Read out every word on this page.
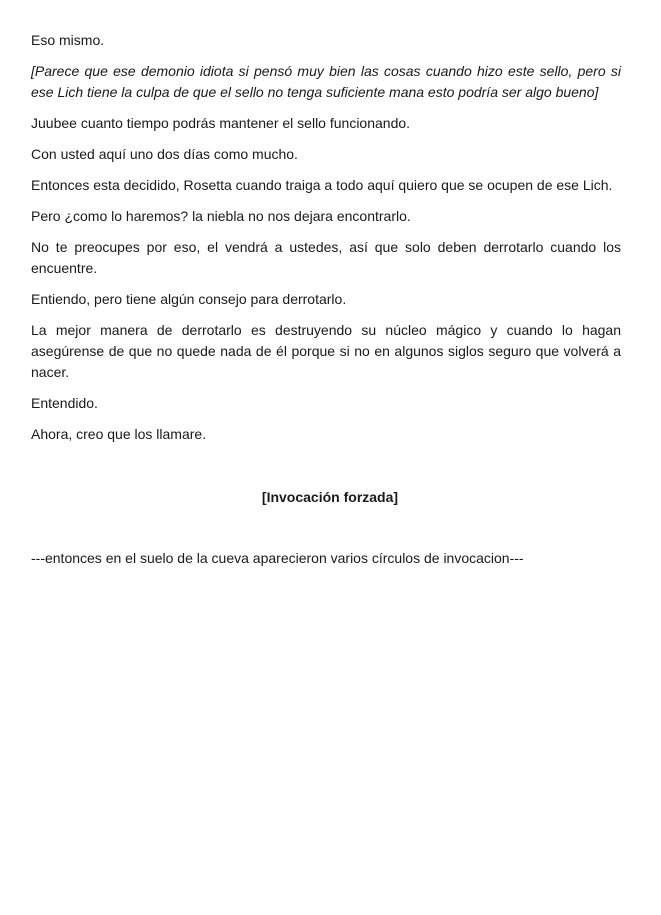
Eso mismo.

[Parece que ese demonio idiota si pensó muy bien las cosas cuando hizo este sello, pero si ese Lich tiene la culpa de que el sello no tenga suficiente mana esto podría ser algo bueno]

Juubee cuanto tiempo podrás mantener el sello funcionando.

Con usted aquí uno dos días como mucho.

Entonces esta decidido, Rosetta cuando traiga a todo aquí quiero que se ocupen de ese Lich.

Pero ¿como lo haremos? la niebla no nos dejara encontrarlo.

No te preocupes por eso, el vendrá a ustedes, así que solo deben derrotarlo cuando los encuentre.

Entiendo, pero tiene algún consejo para derrotarlo.

La mejor manera de derrotarlo es destruyendo su núcleo mágico y cuando lo hagan asegúrense de que no quede nada de él porque si no en algunos siglos seguro que volverá a nacer.

Entendido.

Ahora, creo que los llamare.

[Invocación forzada]
---entonces en el suelo de la cueva aparecieron varios círculos de invocacion---
